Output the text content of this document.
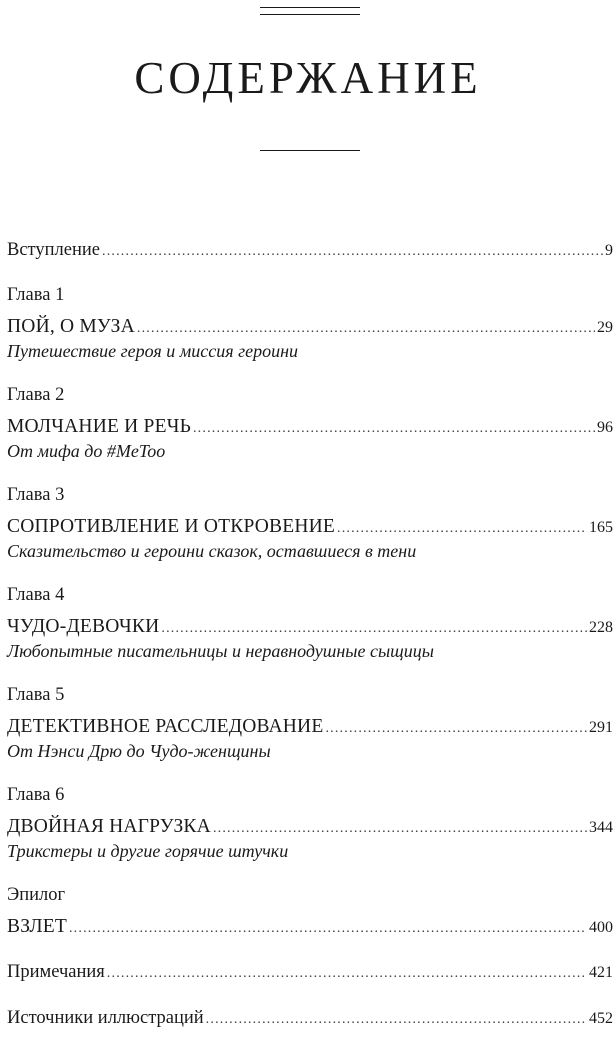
СОДЕРЖАНИЕ
Вступление .....	9
Глава 1
ПОЙ, О МУЗА .....	29
Путешествие героя и миссия героини
Глава 2
МОЛЧАНИЕ И РЕЧЬ .....	96
От мифа до #MeToo
Глава 3
СОПРОТИВЛЕНИЕ И ОТКРОВЕНИЕ .....	165
Сказительство и героини сказок, оставшиеся в тени
Глава 4
ЧУДО-ДЕВОЧКИ .....	228
Любопытные писательницы и неравнодушные сыщицы
Глава 5
ДЕТЕКТИВНОЕ РАССЛЕДОВАНИЕ .....	291
От Нэнси Дрю до Чудо-женщины
Глава 6
ДВОЙНАЯ НАГРУЗКА .....	344
Трикстеры и другие горячие штучки
Эпилог
ВЗЛЕТ .....	400
Примечания .....	421
Источники иллюстраций .....	452
